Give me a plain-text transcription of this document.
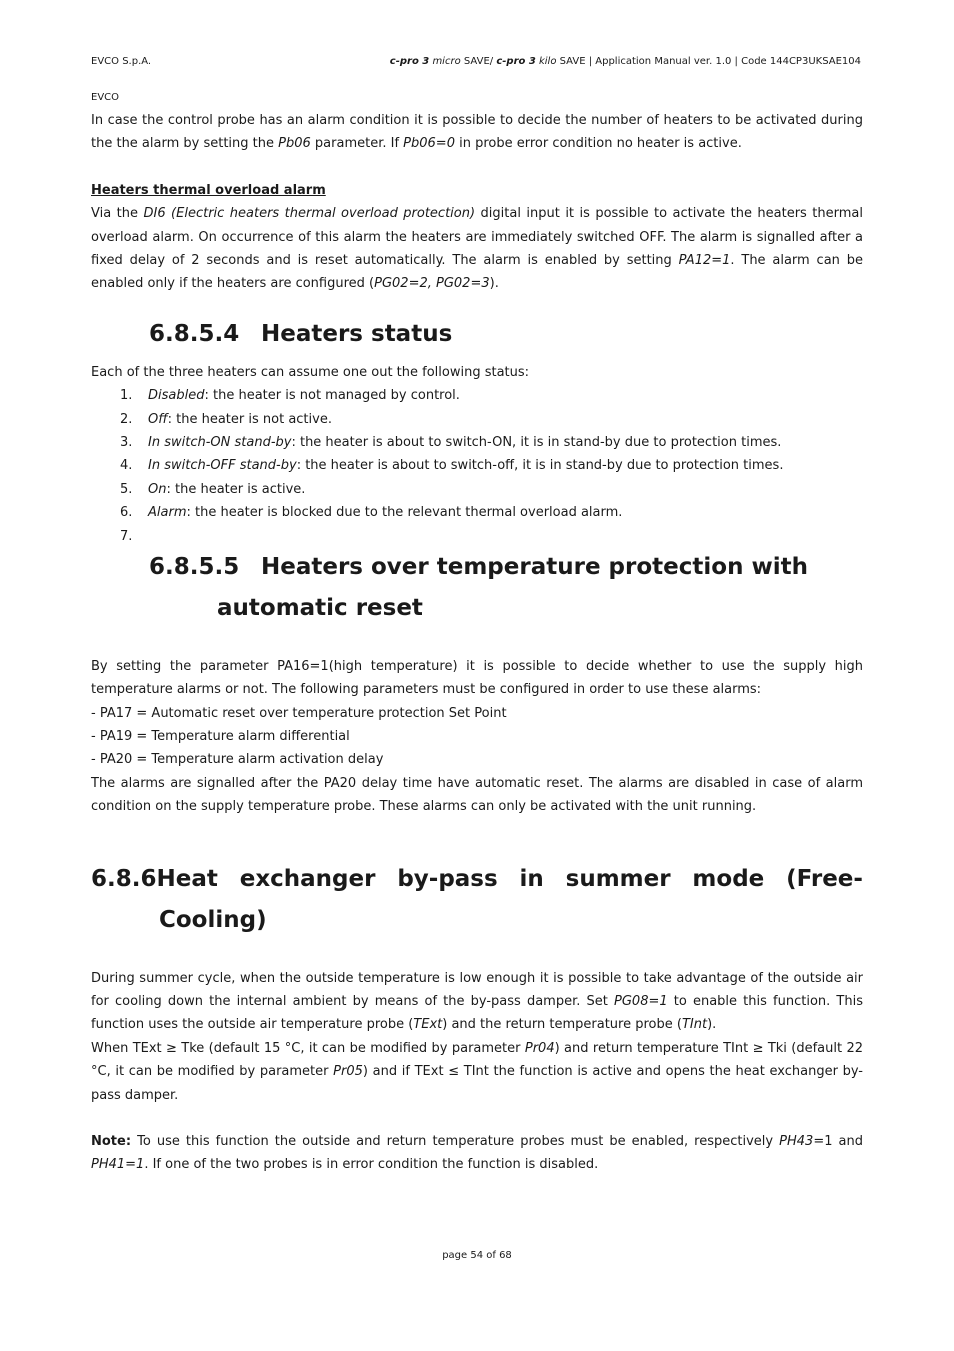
EVCO S.p.A.	c-pro 3 micro SAVE/ c-pro 3 kilo SAVE | Application Manual ver. 1.0 | Code 144CP3UKSAE104
EVCO

In case the control probe has an alarm condition it is possible to decide the number of heaters to be activated during the the alarm by setting the Pb06 parameter. If Pb06=0 in probe error condition no heater is active.

Heaters thermal overload alarm

Via the DI6 (Electric heaters thermal overload protection) digital input it is possible to activate the heaters thermal overload alarm. On occurrence of this alarm the heaters are immediately switched OFF. The alarm is signalled after a fixed delay of 2 seconds and is reset automatically. The alarm is enabled by setting PA12=1. The alarm can be enabled only if the heaters are configured (PG02=2, PG02=3).

6.8.5.4 Heaters status

Each of the three heaters can assume one out the following status:

1. Disabled: the heater is not managed by control.
2. Off: the heater is not active.
3. In switch-ON stand-by: the heater is about to switch-ON, it is in stand-by due to protection times.
4. In switch-OFF stand-by: the heater is about to switch-off, it is in stand-by due to protection times.
5. On: the heater is active.
6. Alarm: the heater is blocked due to the relevant thermal overload alarm.
7.
6.8.5.5 Heaters over temperature protection with
automatic reset

By setting the parameter PA16=1(high temperature) it is possible to decide whether to use the supply high temperature alarms or not. The following parameters must be configured in order to use these alarms:

- PA17 = Automatic reset over temperature protection Set Point

- PA19 = Temperature alarm differential

- PA20 = Temperature alarm activation delay

The alarms are signalled after the PA20 delay time have automatic reset. The alarms are disabled in case of alarm condition on the supply temperature probe. These alarms can only be activated with the unit running.

6.8.6Heat exchanger by-pass in summer mode (Free-
Cooling)

During summer cycle, when the outside temperature is low enough it is possible to take advantage of the outside air for cooling down the internal ambient by means of the by-pass damper. Set PG08=1 to enable this function. This function uses the outside air temperature probe (TExt) and the return temperature probe (TInt).

When TExt ≥ Tke (default 15 °C, it can be modified by parameter Pr04) and return temperature TInt ≥ Tki (default 22 °C, it can be modified by parameter Pr05) and if TExt ≤ TInt the function is active and opens the heat exchanger by-pass damper.

Note: To use this function the outside and return temperature probes must be enabled, respectively PH43=1 and PH41=1. If one of the two probes is in error condition the function is disabled.

page 54 of 68
